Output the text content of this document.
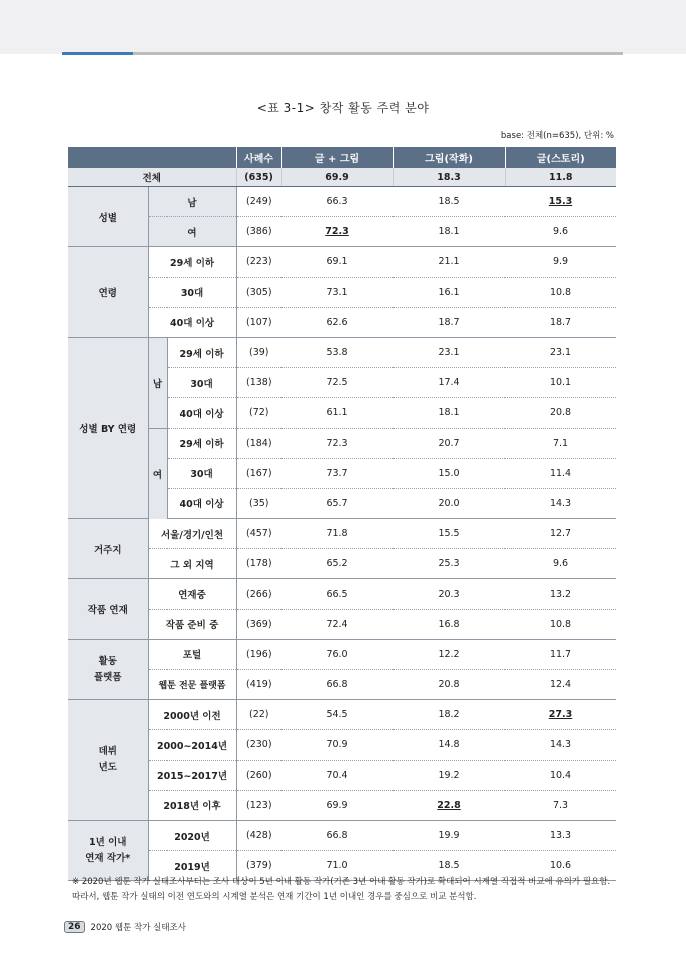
<표 3-1> 창작 활동 주력 분야
base: 전체(n=635), 단위: %
			사례수	글 + 그림	그림(작화)	글(스토리)
전체			(635)	69.9	18.3	11.8
성별	남		(249)	66.3	18.5	15.3
	여		(386)	72.3	18.1	9.6
연령	29세 이하		(223)	69.1	21.1	9.9
	30대		(305)	73.1	16.1	10.8
	40대 이상		(107)	62.6	18.7	18.7
성별 BY 연령	남	29세 이하	(39)	53.8	23.1	23.1
		30대	(138)	72.5	17.4	10.1
		40대 이상	(72)	61.1	18.1	20.8
	여	29세 이하	(184)	72.3	20.7	7.1
		30대	(167)	73.7	15.0	11.4
		40대 이상	(35)	65.7	20.0	14.3
거주지	서울/경기/인천		(457)	71.8	15.5	12.7
	그 외 지역		(178)	65.2	25.3	9.6
작품 연재	연재중		(266)	66.5	20.3	13.2
	작품 준비 중		(369)	72.4	16.8	10.8
활동
플랫폼	포털		(196)	76.0	12.2	11.7
	웹툰 전문 플랫폼		(419)	66.8	20.8	12.4
데뷔
년도	2000년 이전		(22)	54.5	18.2	27.3
	2000~2014년		(230)	70.9	14.8	14.3
	2015~2017년		(260)	70.4	19.2	10.4
	2018년 이후		(123)	69.9	22.8	7.3
1년 이내
연재 작가*	2020년		(428)	66.8	19.9	13.3
	2019년		(379)	71.0	18.5	10.6
※ 2020년 웹툰 작가 실태조사부터는 조사 대상이 5년 이내 활동 작가(기존 3년 이내 활동 작가)로 확대되어 시계열 직접적 비교에 유의가 필요함. 따라서, 웹툰 작가 실태의 이전 연도와의 시계열 분석은 연재 기간이 1년 이내인 경우를 중심으로 비교 분석함.
26	2020 웹툰 작가 실태조사
